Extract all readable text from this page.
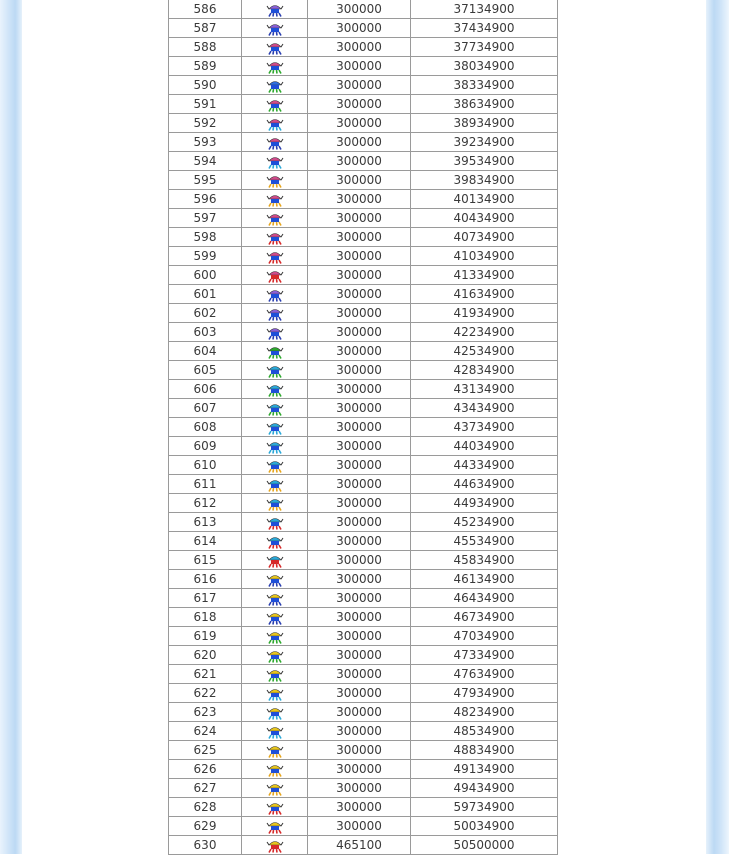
586		300000	37134900
587		300000	37434900
588		300000	37734900
589		300000	38034900
590		300000	38334900
591		300000	38634900
592		300000	38934900
593		300000	39234900
594		300000	39534900
595		300000	39834900
596		300000	40134900
597		300000	40434900
598		300000	40734900
599		300000	41034900
600		300000	41334900
601		300000	41634900
602		300000	41934900
603		300000	42234900
604		300000	42534900
605		300000	42834900
606		300000	43134900
607		300000	43434900
608		300000	43734900
609		300000	44034900
610		300000	44334900
611		300000	44634900
612		300000	44934900
613		300000	45234900
614		300000	45534900
615		300000	45834900
616		300000	46134900
617		300000	46434900
618		300000	46734900
619		300000	47034900
620		300000	47334900
621		300000	47634900
622		300000	47934900
623		300000	48234900
624		300000	48534900
625		300000	48834900
626		300000	49134900
627		300000	49434900
628		300000	59734900
629		300000	50034900
630		465100	50500000
